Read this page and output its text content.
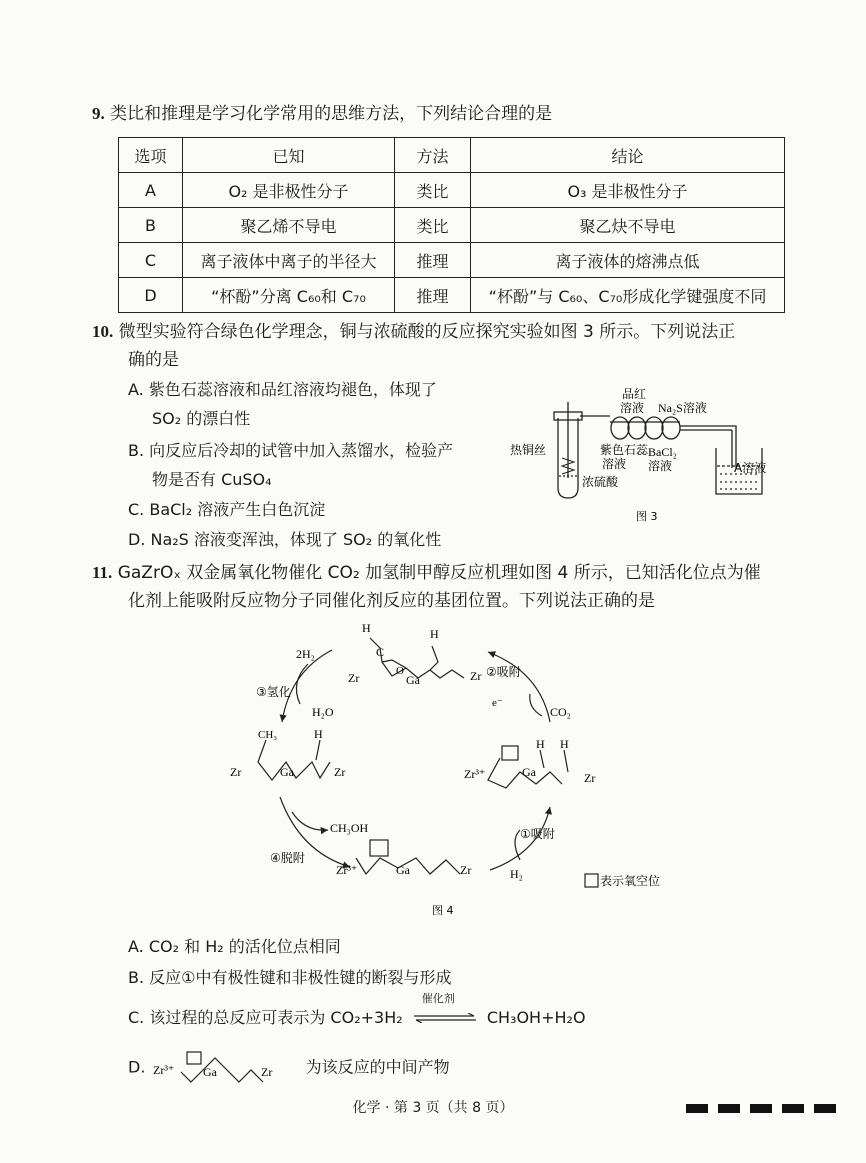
9. 类比和推理是学习化学常用的思维方法，下列结论合理的是
选项	已知	方法	结论
A	O₂ 是非极性分子	类比	O₃ 是非极性分子
B	聚乙烯不导电	类比	聚乙炔不导电
C	离子液体中离子的半径大	推理	离子液体的熔沸点低
D	“杯酚”分离 C₆₀和 C₇₀	推理	“杯酚”与 C₆₀、C₇₀形成化学键强度不同
10. 微型实验符合绿色化学理念，铜与浓硫酸的反应探究实验如图 3 所示。下列说法正
确的是
A. 紫色石蕊溶液和品红溶液均褪色，体现了
SO₂ 的漂白性
B. 向反应后冷却的试管中加入蒸馏水，检验产
物是否有 CuSO₄
C. BaCl₂ 溶液产生白色沉淀
D. Na₂S 溶液变浑浊，体现了 SO₂ 的氧化性
热铜丝
浓硫酸
紫色石蕊
溶液
品红
溶液 Na₂S溶液
BaCl₂
溶液	A溶液
图 3
11. GaZrOₓ 双金属氧化物催化 CO₂ 加氢制甲醇反应机理如图 4 所示，已知活化位点为催
化剂上能吸附反应物分子同催化剂反应的基团位置。下列说法正确的是
H
C
O
Zr	Ga	Zr
H
CH₃
Zr	Ga	Zr
H
Zr³⁺	Ga	Zr
H H
Zr³⁺	Ga	Zr
2H₂
③氢化
H₂O
②吸附
e⁻
CO₂
CH₃OH
④脱附
①吸附
H₂	表示氧空位
图 4
A. CO₂ 和 H₂ 的活化位点相同
B. 反应①中有极性键和非极性键的断裂与形成
C. 该过程的总反应可表示为 CO₂+3H₂
催化剂
CH₃OH+H₂O
D. Zr³⁺ Ga	Zr 为该反应的中间产物
化学 · 第 3 页（共 8 页）
